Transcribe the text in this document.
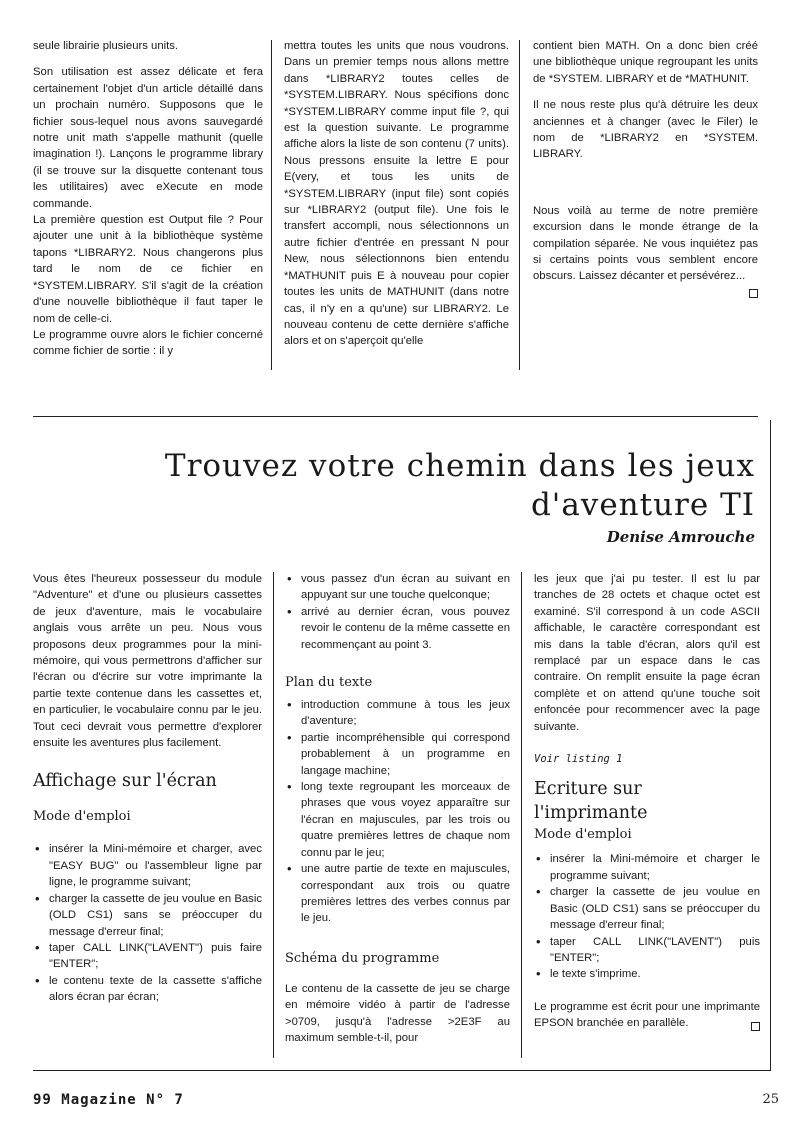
seule librairie plusieurs units.

Son utilisation est assez délicate et fera certainement l'objet d'un article détaillé dans un prochain numéro. Supposons que le fichier sous-lequel nous avons sauvegardé notre unit math s'appelle mathunit (quelle imagination !). Lançons le programme library (il se trouve sur la disquette contenant tous les utilitaires) avec eXecute en mode commande.

La première question est Output file ? Pour ajouter une unit à la bibliothèque système tapons *LIBRARY2. Nous changerons plus tard le nom de ce fichier en *SYSTEM.LIBRARY. S'il s'agit de la création d'une nouvelle bibliothèque il faut taper le nom de celle-ci.

Le programme ouvre alors le fichier concerné comme fichier de sortie : il y

mettra toutes les units que nous voudrons. Dans un premier temps nous allons mettre dans *LIBRARY2 toutes celles de *SYSTEM.LIBRARY. Nous spécifions donc *SYSTEM.LIBRARY comme input file ?, qui est la question suivante. Le programme affiche alors la liste de son contenu (7 units). Nous pressons ensuite la lettre E pour E(very, et tous les units de *SYSTEM.LIBRARY (input file) sont copiés sur *LIBRARY2 (output file). Une fois le transfert accompli, nous sélectionnons un autre fichier d'entrée en pressant N pour New, nous sélectionnons bien entendu *MATHUNIT puis E à nouveau pour copier toutes les units de MATHUNIT (dans notre cas, il n'y en a qu'une) sur LIBRARY2. Le nouveau contenu de cette dernière s'affiche alors et on s'aperçoit qu'elle

contient bien MATH. On a donc bien créé une bibliothèque unique regroupant les units de *SYSTEM. LIBRARY et de *MATHUNIT.

Il ne nous reste plus qu'à détruire les deux anciennes et à changer (avec le Filer) le nom de *LIBRARY2 en *SYSTEM. LIBRARY.

Nous voilà au terme de notre première excursion dans le monde étrange de la compilation séparée. Ne vous inquiétez pas si certains points vous semblent encore obscurs. Laissez décanter et persévérez...

Trouvez votre chemin dans les jeux
d'aventure TI
Denise Amrouche

Vous êtes l'heureux possesseur du module "Adventure" et d'une ou plusieurs cassettes de jeux d'aventure, mais le vocabulaire anglais vous arrête un peu. Nous vous proposons deux programmes pour la mini-mémoire, qui vous permettrons d'afficher sur l'écran ou d'écrire sur votre imprimante la partie texte contenue dans les cassettes et, en particulier, le vocabulaire connu par le jeu. Tout ceci devrait vous permettre d'explorer ensuite les aventures plus facilement.

Affichage sur l'écran
Mode d'emploi
• insérer la Mini-mémoire et charger, avec "EASY BUG" ou l'assembleur ligne par ligne, le programme suivant;
• charger la cassette de jeu voulue en Basic (OLD CS1) sans se préoccuper du message d'erreur final;
• taper CALL LINK("LAVENT") puis faire "ENTER";
• le contenu texte de la cassette s'affiche alors écran par écran;
• vous passez d'un écran au suivant en appuyant sur une touche quelconque;
• arrivé au dernier écran, vous pouvez revoir le contenu de la même cassette en recommençant au point 3.
Plan du texte
• introduction commune à tous les jeux d'aventure;
• partie incompréhensible qui correspond probablement à un programme en langage machine;
• long texte regroupant les morceaux de phrases que vous voyez apparaître sur l'écran en majuscules, par les trois ou quatre premières lettres de chaque nom connu par le jeu;
• une autre partie de texte en majuscules, correspondant aux trois ou quatre premières lettres des verbes connus par le jeu.
Schéma du programme

Le contenu de la cassette de jeu se charge en mémoire vidéo à partir de l'adresse >0709, jusqu'à l'adresse >2E3F au maximum semble-t-il, pour

les jeux que j'ai pu tester. Il est lu par tranches de 28 octets et chaque octet est examiné. S'il correspond à un code ASCII affichable, le caractère correspondant est mis dans la table d'écran, alors qu'il est remplacé par un espace dans le cas contraire. On remplit ensuite la page écran complète et on attend qu'une touche soit enfoncée pour recommencer avec la page suivante.

Voir listing 1

Ecriture sur
l'imprimante
Mode d'emploi
• insérer la Mini-mémoire et charger le programme suivant;
• charger la cassette de jeu voulue en Basic (OLD CS1) sans se préoccuper du message d'erreur final;
• taper CALL LINK("LAVENT") puis "ENTER";
• le texte s'imprime.

Le programme est écrit pour une imprimante EPSON branchée en parallèle.

99 Magazine N° 7	25
